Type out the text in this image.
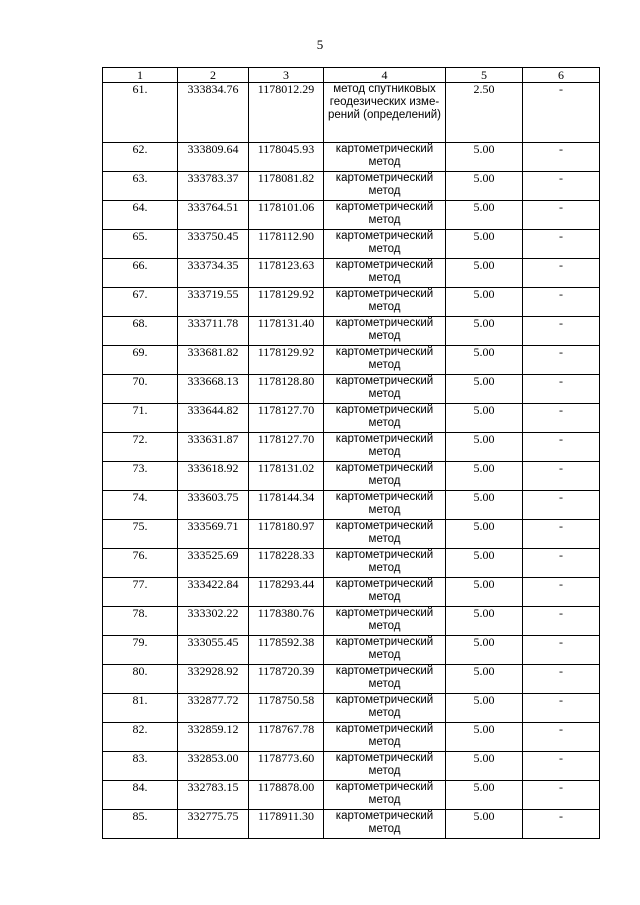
5
1	2	3	4	5	6
61.	333834.76	1178012.29	метод спутниковых геодезических изме-рений (определений)	2.50	-
62.	333809.64	1178045.93	картометрический метод	5.00	-
63.	333783.37	1178081.82	картометрический метод	5.00	-
64.	333764.51	1178101.06	картометрический метод	5.00	-
65.	333750.45	1178112.90	картометрический метод	5.00	-
66.	333734.35	1178123.63	картометрический метод	5.00	-
67.	333719.55	1178129.92	картометрический метод	5.00	-
68.	333711.78	1178131.40	картометрический метод	5.00	-
69.	333681.82	1178129.92	картометрический метод	5.00	-
70.	333668.13	1178128.80	картометрический метод	5.00	-
71.	333644.82	1178127.70	картометрический метод	5.00	-
72.	333631.87	1178127.70	картометрический метод	5.00	-
73.	333618.92	1178131.02	картометрический метод	5.00	-
74.	333603.75	1178144.34	картометрический метод	5.00	-
75.	333569.71	1178180.97	картометрический метод	5.00	-
76.	333525.69	1178228.33	картометрический метод	5.00	-
77.	333422.84	1178293.44	картометрический метод	5.00	-
78.	333302.22	1178380.76	картометрический метод	5.00	-
79.	333055.45	1178592.38	картометрический метод	5.00	-
80.	332928.92	1178720.39	картометрический метод	5.00	-
81.	332877.72	1178750.58	картометрический метод	5.00	-
82.	332859.12	1178767.78	картометрический метод	5.00	-
83.	332853.00	1178773.60	картометрический метод	5.00	-
84.	332783.15	1178878.00	картометрический метод	5.00	-
85.	332775.75	1178911.30	картометрический метод	5.00	-
